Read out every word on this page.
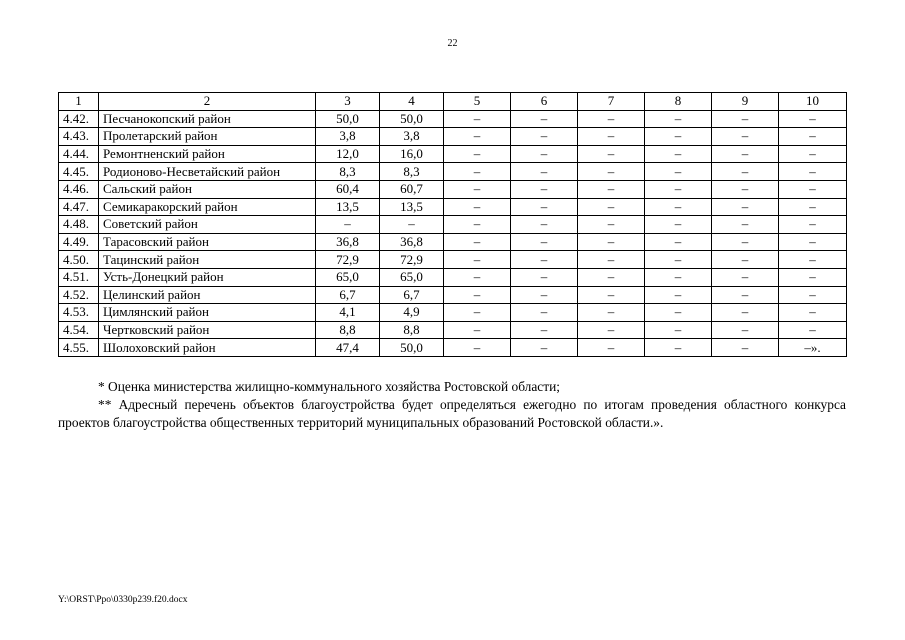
22
1	2	3	4	5	6	7	8	9	10
4.42.	Песчанокопский район	50,0	50,0	–	–	–	–	–	–
4.43.	Пролетарский район	3,8	3,8	–	–	–	–	–	–
4.44.	Ремонтненский район	12,0	16,0	–	–	–	–	–	–
4.45.	Родионово-Несветайский район	8,3	8,3	–	–	–	–	–	–
4.46.	Сальский район	60,4	60,7	–	–	–	–	–	–
4.47.	Семикаракорский район	13,5	13,5	–	–	–	–	–	–
4.48.	Советский район	–	–	–	–	–	–	–	–
4.49.	Тарасовский район	36,8	36,8	–	–	–	–	–	–
4.50.	Тацинский район	72,9	72,9	–	–	–	–	–	–
4.51.	Усть-Донецкий район	65,0	65,0	–	–	–	–	–	–
4.52.	Целинский район	6,7	6,7	–	–	–	–	–	–
4.53.	Цимлянский район	4,1	4,9	–	–	–	–	–	–
4.54.	Чертковский район	8,8	8,8	–	–	–	–	–	–
4.55.	Шолоховский район	47,4	50,0	–	–	–	–	–	–».

* Оценка министерства жилищно-коммунального хозяйства Ростовской области;

** Адресный перечень объектов благоустройства будет определяться ежегодно по итогам проведения областного конкурса проектов благоустройства общественных территорий муниципальных образований Ростовской области.».

Y:\ORST\Ppo\0330p239.f20.docx
